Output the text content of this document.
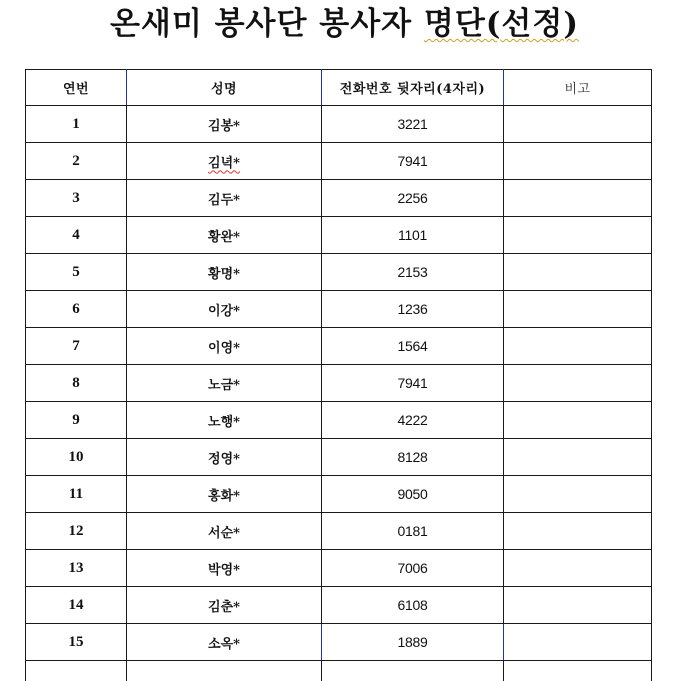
온새미 봉사단 봉사자 명단(선정)
연번	성명	전화번호 뒷자리(4자리)	비고
1	김봉*	3221	
2	김녁*	7941	
3	김두*	2256	
4	황완*	1101	
5	황명*	2153	
6	이강*	1236	
7	이영*	1564	
8	노금*	7941	
9	노행*	4222	
10	정영*	8128	
11	홍화*	9050	
12	서순*	0181	
13	박영*	7006	
14	김춘*	6108	
15	소옥*	1889	
